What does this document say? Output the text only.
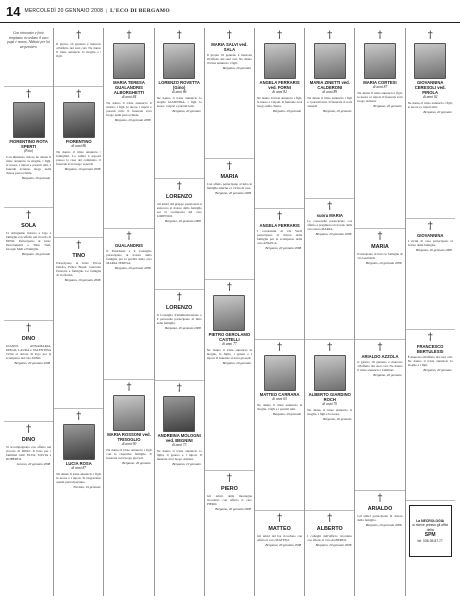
14 MERCOLEDÌ 20 GENNAIO 2008 | L'ECO DI BERGAMO
Con rinnovato e forte rimpianto ricordano il caro papà e nonno. Abbiate per lui un pensiero.
†
FIORENTINO ROTA SPERTI
(Foto)
Con immenso dolore ne danno il triste annuncio la moglie, i figli, le nuore, i nipoti e parenti tutti. I funerali avranno luogo nella chiesa parrocchiale.
Bergamo, 20 gennaio
†
SOLA
Ci stringiamo intorno a Ugo e famiglia con affetto nel ricordo di DINO. Partecipano al lutto: Devotamenti e Tutto Neri, Giorgio Meli e Famiglia.
Bergamo, 20 gennaio
†
DINO
GIANNI, ANNAMARIA, DIEGO, LAURA e VALENTINA vicini al dolore di Ugo per la scomparsa del caro DINO.
Bergamo, 20 gennaio 2008
†
DINO
Si accompagnano con affetto nel ricordo di DINO. Il lutto per i familiari tutti: ELVA, SILVIA e ROBERTO.
Lurano, 20 gennaio 2008
†
Il giorno 19 gennaio è mancato all'affetto dei suoi cari. Ne danno il triste annuncio la moglie e i figli.
†
FIORENTINO
di anni 86
Ne danno il triste annuncio i famigliari. La salma è esposta presso la casa del commiato. Il funerale avrà luogo venerdì.
Bergamo, 19 gennaio 2008
†
TINO
Partecipano al lutto: Ettore Deidro, Felice Bonzi, Giacomo Pezzotta e famiglie. Le famiglie di via Roma.
Bergamo, 20 gennaio 2008
†
LUCIA ROSA
di anni 87
Ne danno il triste annuncio i figli, le nuore e i nipoti. Si ringraziano quanti parteciperanno.
Treviolo, 19 gennaio
†
MARIA TERESA GUALANDRIS ALBORGHETTI
di anni 84
Ne danno il triste annuncio il marito, i figli, le nuore, i nipoti e parenti tutti. Il funerale avrà luogo nella parrocchiale.
Bergamo, 20 gennaio 2008
†
GUALANDRIS
Il Presidente e il Consiglio partecipano al dolore della famiglia per la perdita della cara MARIA TERESA.
Bergamo, 20 gennaio 2008
†
MARIA ROSSONI ved. TRISOGLIO
di anni 90
Ne danno il triste annuncio i figli con le rispettive famiglie. Il funerale avrà luogo giovedì.
Bergamo, 20 gennaio
†
LORENZO ROVETTA (Gino)
di anni 86
Ne danno il triste annuncio la moglie GIANNINA, i figli, le nuore, i nipoti e parenti tutti.
Bergamo, 20 gennaio
†
LORENZO
Gli amici del gruppo pensionati si uniscono al dolore della famiglia per la scomparsa del caro LORENZO.
Bergamo, 20 gennaio 2008
†
LORENZO
Il Consiglio d'amministrazione e il personale partecipano al lutto della famiglia.
Bergamo, 20 gennaio 2008
†
ANDREINA MOLOGNI ved. BEGNINI
di anni 73
Ne danno il triste annuncio la figlia, il genero e i nipoti. Il funerale avrà luogo domani.
Bergamo, 19 gennaio
†
MARIA SALVI ved. SALA
Il giorno 19 gennaio è mancata all'affetto dei suoi cari. Ne danno il triste annuncio i figli.
Bergamo, 20 gennaio
†
MARIA
Con affetto partecipano al lutto le famiglie amiche e i vicini di casa.
Bergamo, 20 gennaio 2008
†
PIETRO GEROLAMO CASTELLI
di anni 77
Ne danno il triste annuncio la moglie, le figlie, i generi e i nipoti. Il funerale si terrà giovedì.
Bergamo, 20 gennaio
†
PIERO
Gli amici della montagna ricordano con affetto il caro PIERO.
Bergamo, 20 gennaio 2008
†
ANGELA FERRARIS ved. FORNI
di anni 82
Ne danno il triste annuncio i figli, le nuore e i nipoti. Il funerale avrà luogo nella chiesa.
Bergamo, 20 gennaio
†
ANGELA FERRARIS
I condomini di via Verdi partecipano al dolore della famiglia per la scomparsa della cara ANGELA.
Bergamo, 20 gennaio 2008
†
MATTEO CARRARA
di anni 65
Ne danno il triste annuncio la moglie, i figli e i parenti tutti.
Bergamo, 20 gennaio
†
MATTEO
Gli amici del bar ricordano con affetto il caro MATTEO.
Bergamo, 20 gennaio 2008
†
MARIA ZINETTI ved. CALDERONI
di anni 89
Ne danno il triste annuncio i figli e i parenti tutti. Il funerale si terrà venerdì.
Bergamo, 20 gennaio
†
suora MARIA
Le consorelle partecipano con affetto e preghiera al ricordo della cara suora MARIA.
Bergamo, 20 gennaio 2008
†
ALBERTO GIARDINO ROCH
di anni 70
Ne danno il triste annuncio la moglie, i figli e le nuore.
Bergamo, 20 gennaio
†
ALBERTO
I colleghi dell'ufficio ricordano con affetto il caro ALBERTO.
Bergamo, 20 gennaio 2008
†
MARIA CORTESI
di anni 87
Ne danno il triste annuncio i figli, le nuore e i nipoti. Il funerale avrà luogo domani.
Bergamo, 20 gennaio
†
MARIA
Partecipano al lutto le famiglie di via Garibaldi.
Bergamo, 20 gennaio 2008
†
ARIALDO AZZOLA
Il giorno 18 gennaio è mancato all'affetto dei suoi cari. Ne danno il triste annuncio i familiari.
Bergamo, 20 gennaio
†
ARIALDO
Gli amici partecipano al dolore della famiglia.
Bergamo, 20 gennaio 2008
†
GIOVANNINA CERESOLI ved. PIROLA
di anni 92
Ne danno il triste annuncio i figli, le nuore e i nipoti tutti.
Bergamo, 20 gennaio
†
GIOVANNINA
I vicini di casa partecipano al dolore della famiglia.
Bergamo, 20 gennaio 2008
†
FRANCESCO BERTULESSI
È mancato all'affetto dei suoi cari. Ne danno il triste annuncio la moglie e i figli.
Bergamo, 20 gennaio
La NECROLOGIA
si riceve presso gli uffici della
SPM
tel. 035.35.87.77
